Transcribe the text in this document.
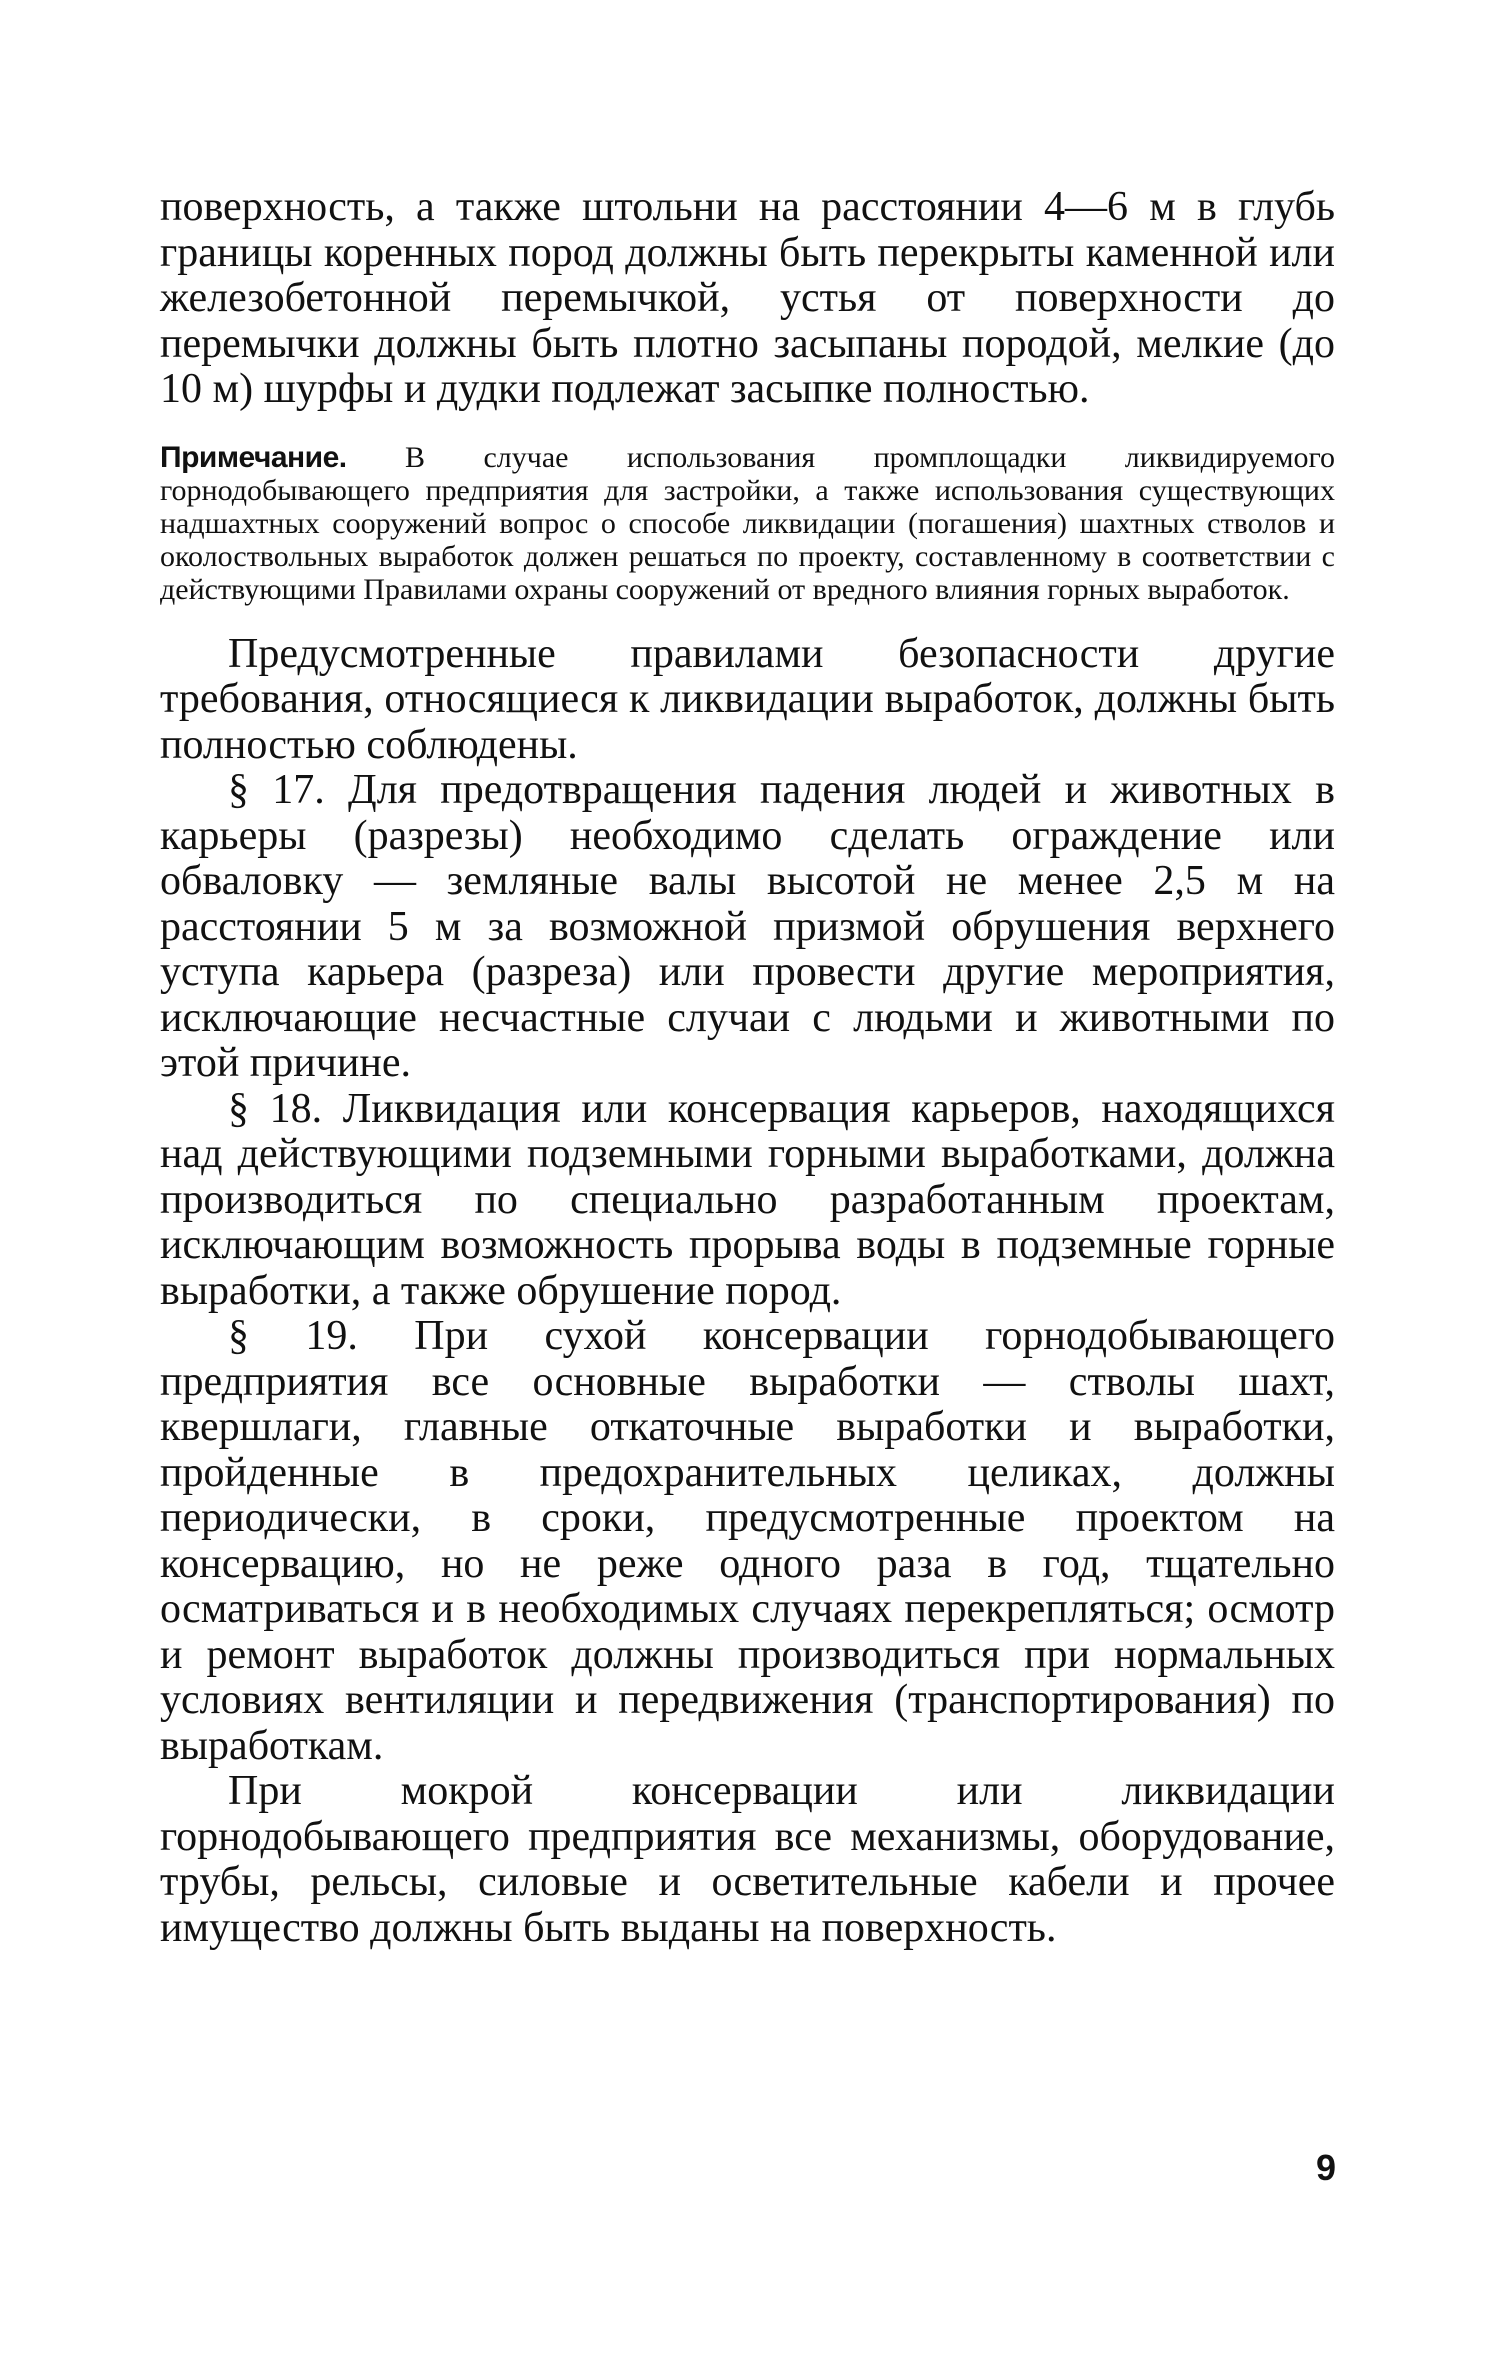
поверхность, а также штольни на расстоянии 4—6 м в глубь границы коренных пород должны быть перекрыты каменной или железобетонной перемычкой, устья от поверхности до перемычки должны быть плотно засыпаны породой, мелкие (до 10 м) шурфы и дудки подлежат засыпке полностью.

Примечание. В случае использования промплощадки ликвидируемого горнодобывающего предприятия для застройки, а также использования существующих надшахтных сооружений вопрос о способе ликвидации (погашения) шахтных стволов и околоствольных выработок должен решаться по проекту, составленному в соответствии с действующими Правилами охраны сооружений от вредного влияния горных выработок.

Предусмотренные правилами безопасности другие требования, относящиеся к ликвидации выработок, должны быть полностью соблюдены.

§ 17. Для предотвращения падения людей и животных в карьеры (разрезы) необходимо сделать ограждение или обваловку — земляные валы высотой не менее 2,5 м на расстоянии 5 м за возможной призмой обрушения верхнего уступа карьера (разреза) или провести другие мероприятия, исключающие несчастные случаи с людьми и животными по этой причине.

§ 18. Ликвидация или консервация карьеров, находящихся над действующими подземными горными выработками, должна производиться по специально разработанным проектам, исключающим возможность прорыва воды в подземные горные выработки, а также обрушение пород.

§ 19. При сухой консервации горнодобывающего предприятия все основные выработки — стволы шахт, квершлаги, главные откаточные выработки и выработки, пройденные в предохранительных целиках, должны периодически, в сроки, предусмотренные проектом на консервацию, но не реже одного раза в год, тщательно осматриваться и в необходимых случаях перекрепляться; осмотр и ремонт выработок должны производиться при нормальных условиях вентиляции и передвижения (транспортирования) по выработкам.

При мокрой консервации или ликвидации горнодобывающего предприятия все механизмы, оборудование, трубы, рельсы, силовые и осветительные кабели и прочее имущество должны быть выданы на поверхность.

9
